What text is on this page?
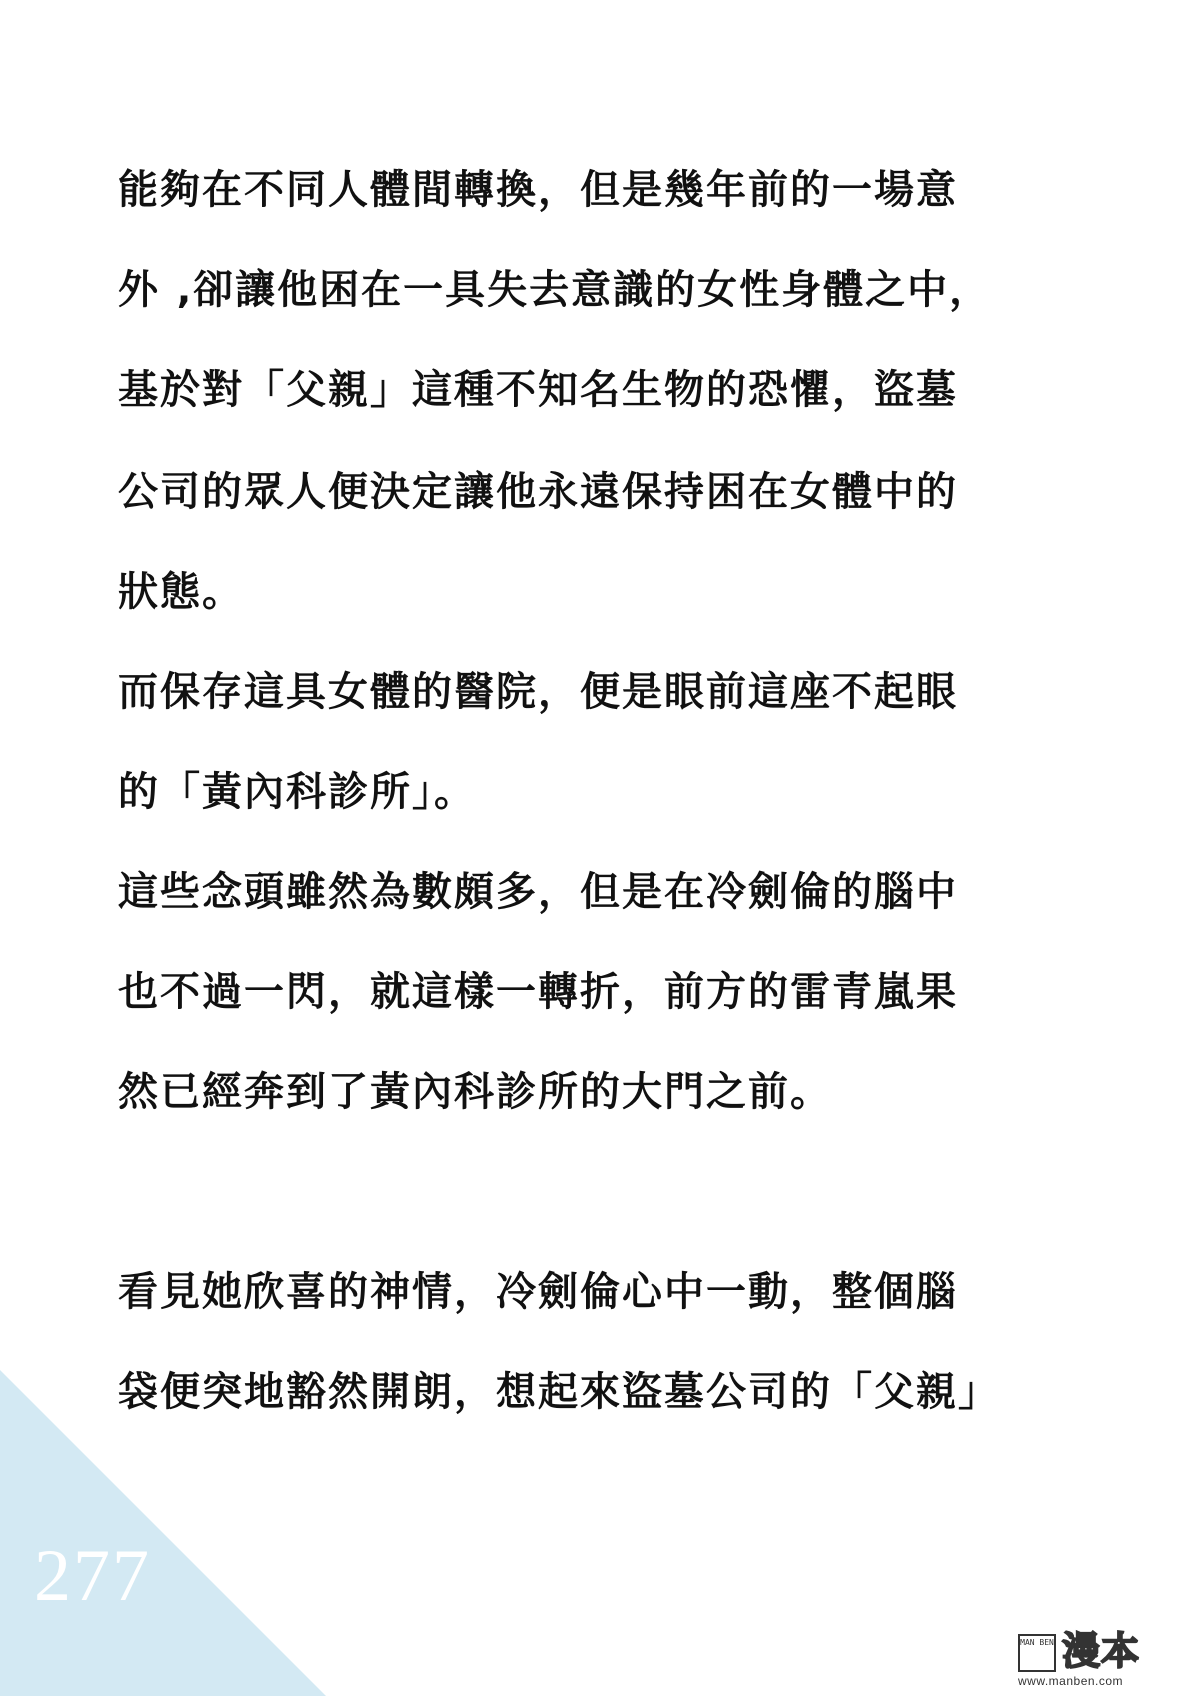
能夠在不同人體間轉換，但是幾年前的一場意
外 ‚卻讓他困在一具失去意識的女性身體之中，
基於對「父親」這種不知名生物的恐懼，盜墓
公司的眾人便決定讓他永遠保持困在女體中的
狀態。
而保存這具女體的醫院，便是眼前這座不起眼
的「黃內科診所」。
這些念頭雖然為數頗多，但是在冷劍倫的腦中
也不過一閃，就這樣一轉折，前方的雷青嵐果
然已經奔到了黃內科診所的大門之前。
看見她欣喜的神情，冷劍倫心中一動，整個腦
袋便突地豁然開朗，想起來盜墓公司的「父親」
277
MAN BEN 漫本
www.manben.com
